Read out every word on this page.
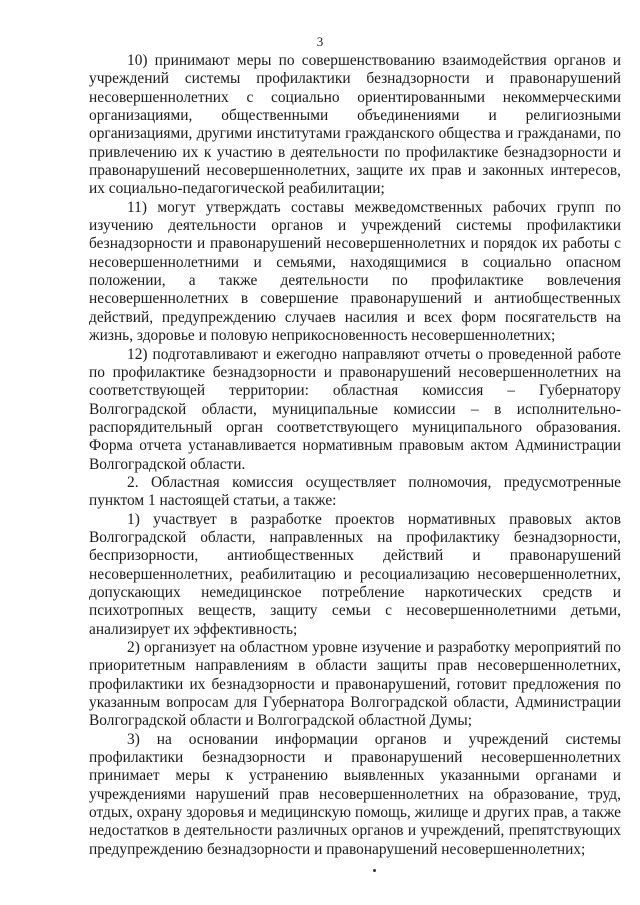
3

10) принимают меры по совершенствованию взаимодействия органов и учреждений системы профилактики безнадзорности и правонарушений несовершеннолетних с социально ориентированными некоммерческими организациями, общественными объединениями и религиозными организациями, другими институтами гражданского общества и гражданами, по привлечению их к участию в деятельности по профилактике безнадзорности и правонарушений несовершеннолетних, защите их прав и законных интересов, их социально-педагогической реабилитации;

11) могут утверждать составы межведомственных рабочих групп по изучению деятельности органов и учреждений системы профилактики безнадзорности и правонарушений несовершеннолетних и порядок их работы с несовершеннолетними и семьями, находящимися в социально опасном положении, а также деятельности по профилактике вовлечения несовершеннолетних в совершение правонарушений и антиобщественных действий, предупреждению случаев насилия и всех форм посягательств на жизнь, здоровье и половую неприкосновенность несовершеннолетних;

12) подготавливают и ежегодно направляют отчеты о проведенной работе по профилактике безнадзорности и правонарушений несовершеннолетних на соответствующей территории: областная комиссия – Губернатору Волгоградской области, муниципальные комиссии – в исполнительно-распорядительный орган соответствующего муниципального образования. Форма отчета устанавливается нормативным правовым актом Администрации Волгоградской области.

2. Областная комиссия осуществляет полномочия, предусмотренные пунктом 1 настоящей статьи, а также:

1) участвует в разработке проектов нормативных правовых актов Волгоградской области, направленных на профилактику безнадзорности, беспризорности, антиобщественных действий и правонарушений несовершеннолетних, реабилитацию и ресоциализацию несовершеннолетних, допускающих немедицинское потребление наркотических средств и психотропных веществ, защиту семьи с несовершеннолетними детьми, анализирует их эффективность;

2) организует на областном уровне изучение и разработку мероприятий по приоритетным направлениям в области защиты прав несовершеннолетних, профилактики их безнадзорности и правонарушений, готовит предложения по указанным вопросам для Губернатора Волгоградской области, Администрации Волгоградской области и Волгоградской областной Думы;

3) на основании информации органов и учреждений системы профилактики безнадзорности и правонарушений несовершеннолетних принимает меры к устранению выявленных указанными органами и учреждениями нарушений прав несовершеннолетних на образование, труд, отдых, охрану здоровья и медицинскую помощь, жилище и других прав, а также недостатков в деятельности различных органов и учреждений, препятствующих предупреждению безнадзорности и правонарушений несовершеннолетних;
